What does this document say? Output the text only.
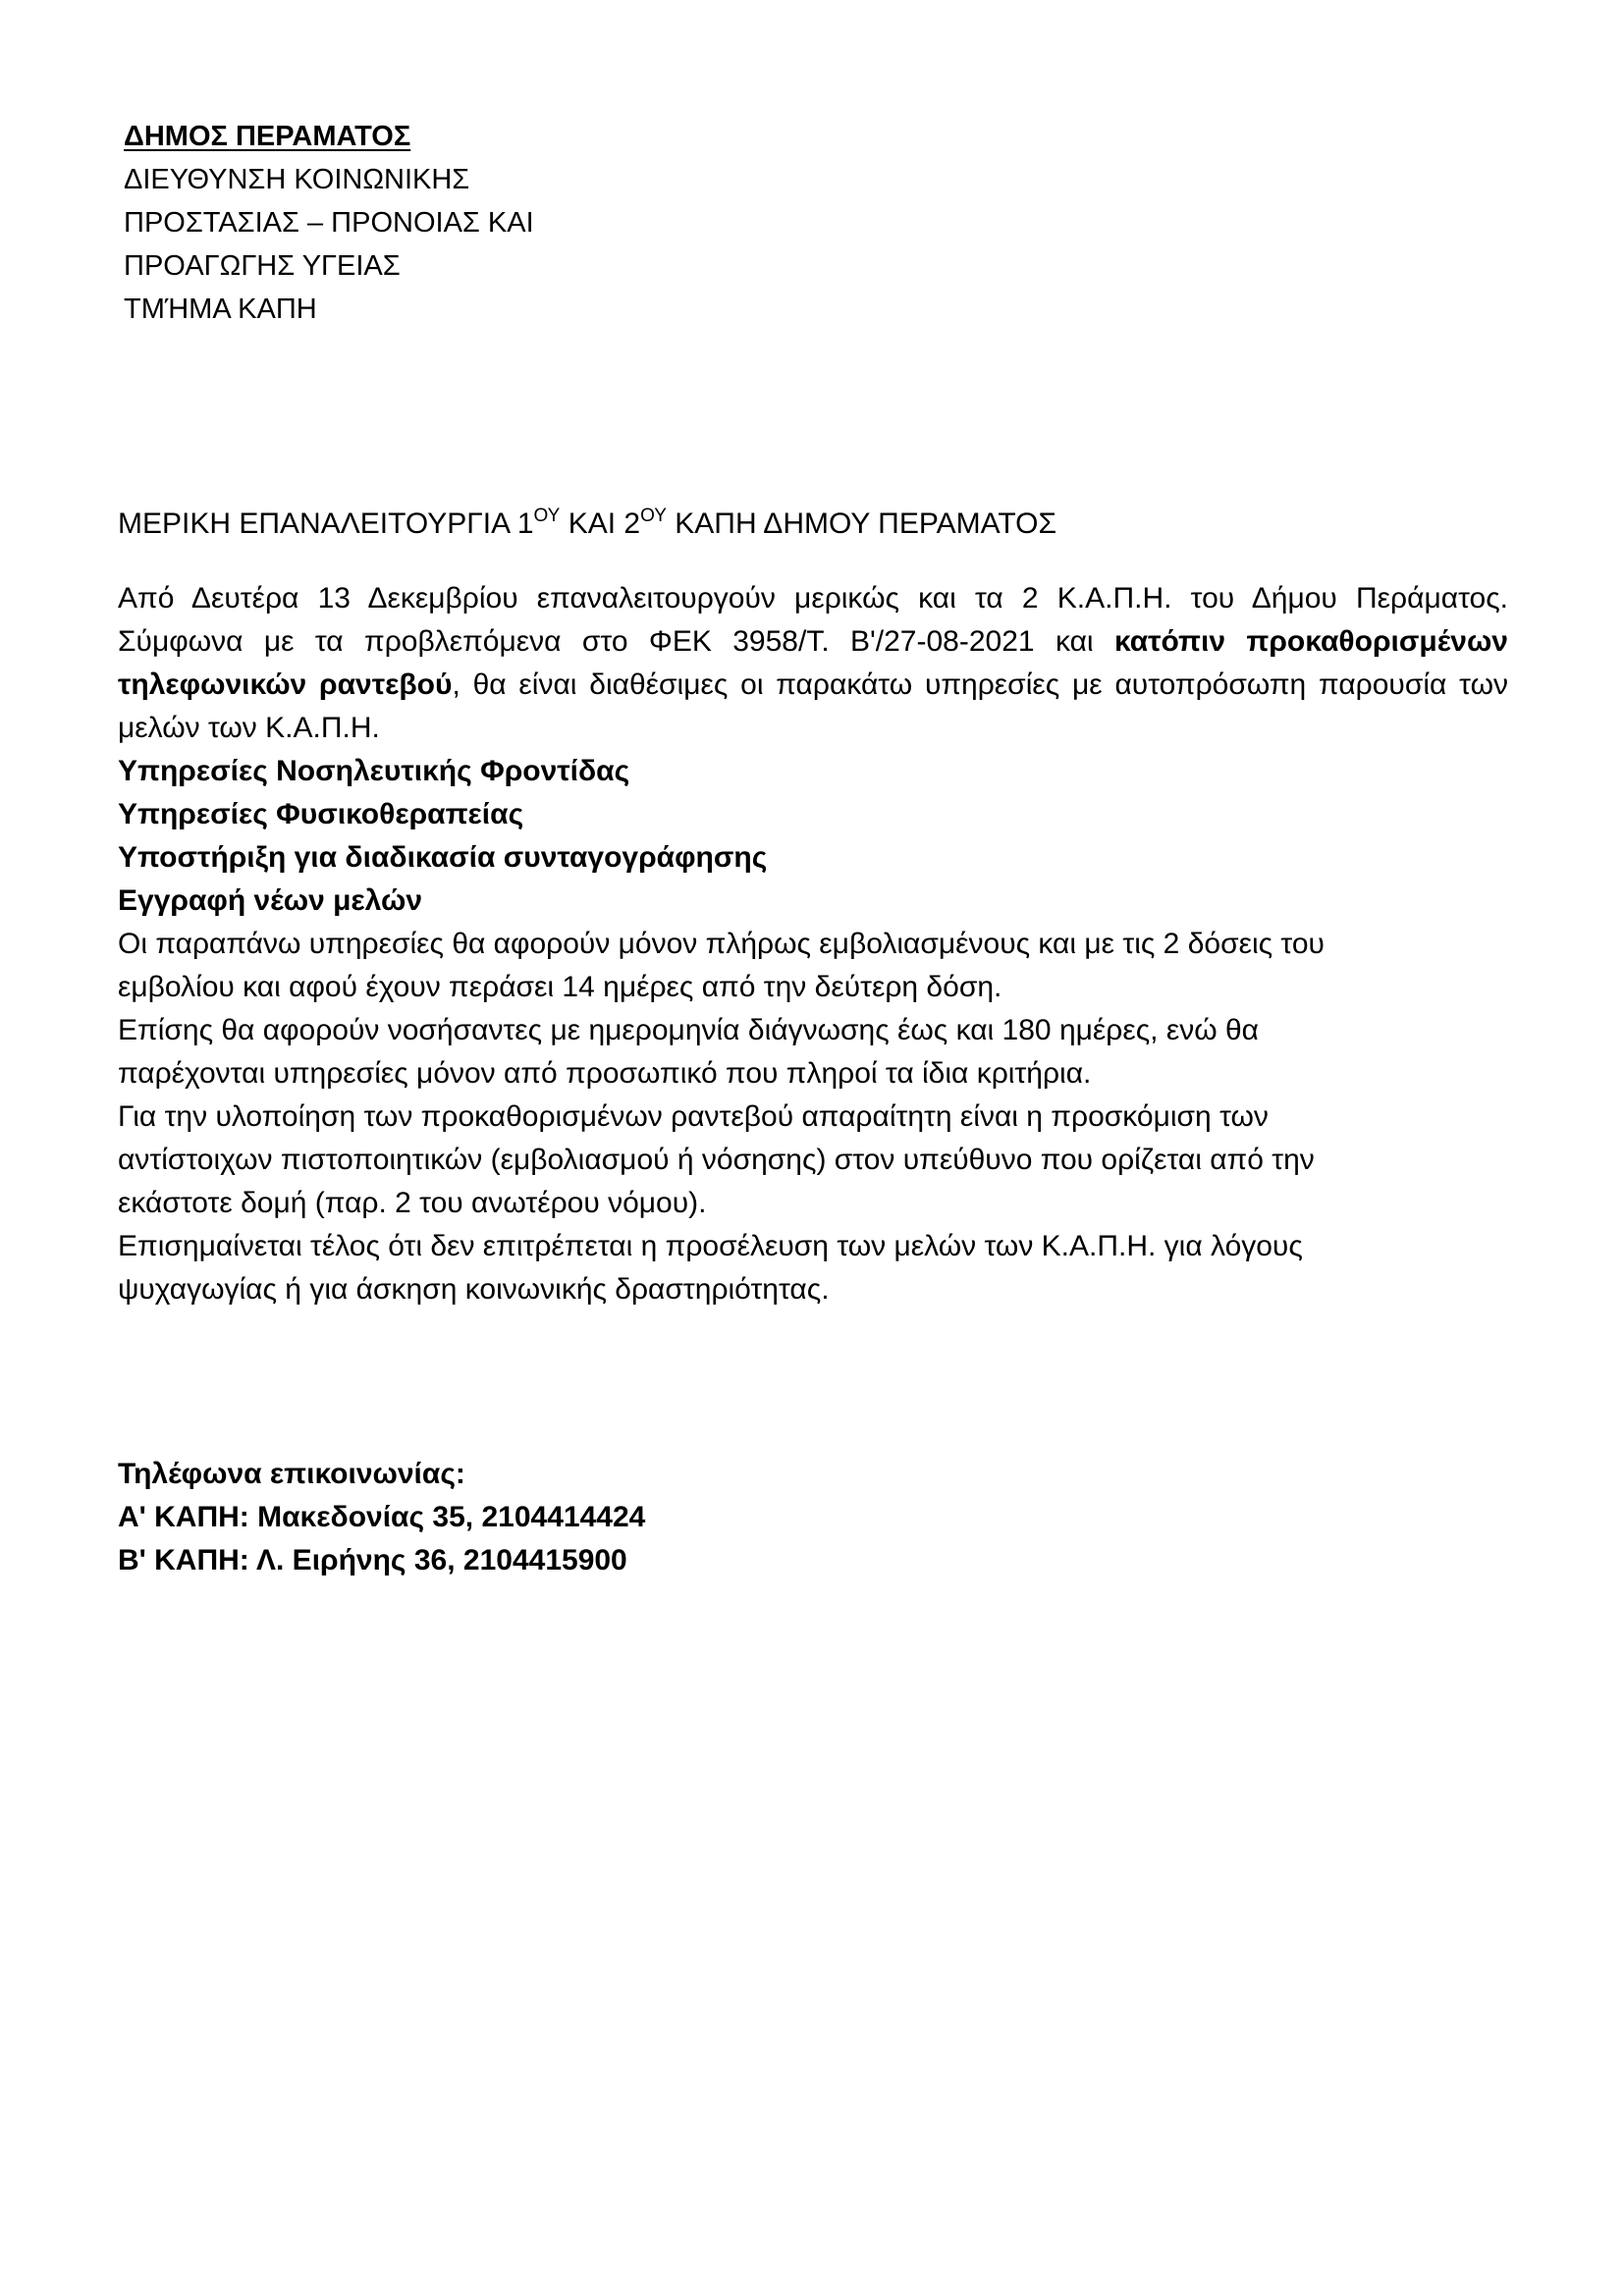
ΔΗΜΟΣ ΠΕΡΑΜΑΤΟΣ
ΔΙΕΥΘΥΝΣΗ ΚΟΙΝΩΝΙΚΗΣ
ΠΡΟΣΤΑΣΙΑΣ – ΠΡΟΝΟΙΑΣ ΚΑΙ
ΠΡΟΑΓΩΓΗΣ ΥΓΕΙΑΣ
ΤΜΉΜΑ ΚΑΠΗ
ΜΕΡΙΚΗ ΕΠΑΝΑΛΕΙΤΟΥΡΓΙΑ $1^{O\Upsilon}$ ΚΑΙ $2^{O\Upsilon}$ ΚΑΠΗ ΔΗΜΟΥ ΠΕΡΑΜΑΤΟΣ
Από Δευτέρα 13 Δεκεμβρίου επαναλειτουργούν μερικώς και τα 2 Κ.Α.Π.Η. του Δήμου Περάματος. Σύμφωνα με τα προβλεπόμενα στο ΦΕΚ 3958/Τ. Β'/27-08-2021 και κατόπιν προκαθορισμένων τηλεφωνικών ραντεβού, θα είναι διαθέσιμες οι παρακάτω υπηρεσίες με αυτοπρόσωπη παρουσία των μελών των Κ.Α.Π.Η.
Υπηρεσίες Νοσηλευτικής Φροντίδας
Υπηρεσίες Φυσικοθεραπείας
Υποστήριξη για διαδικασία συνταγογράφησης
Εγγραφή νέων μελών
Οι παραπάνω υπηρεσίες θα αφορούν μόνον πλήρως εμβολιασμένους και με τις 2 δόσεις του
εμβολίου και αφού έχουν περάσει 14 ημέρες από την δεύτερη δόση.
Επίσης θα αφορούν νοσήσαντες με ημερομηνία διάγνωσης έως και 180 ημέρες, ενώ θα
παρέχονται υπηρεσίες μόνον από προσωπικό που πληροί τα ίδια κριτήρια.
Για την υλοποίηση των προκαθορισμένων ραντεβού απαραίτητη είναι η προσκόμιση των
αντίστοιχων πιστοποιητικών (εμβολιασμού ή νόσησης) στον υπεύθυνο που ορίζεται από την
εκάστοτε δομή (παρ. 2 του ανωτέρου νόμου).
Επισημαίνεται τέλος ότι δεν επιτρέπεται η προσέλευση των μελών των Κ.Α.Π.Η. για λόγους
ψυχαγωγίας ή για άσκηση κοινωνικής δραστηριότητας.
Τηλέφωνα επικοινωνίας:
Α' ΚΑΠΗ: Μακεδονίας 35, 2104414424
Β' ΚΑΠΗ: Λ. Ειρήνης 36, 2104415900
